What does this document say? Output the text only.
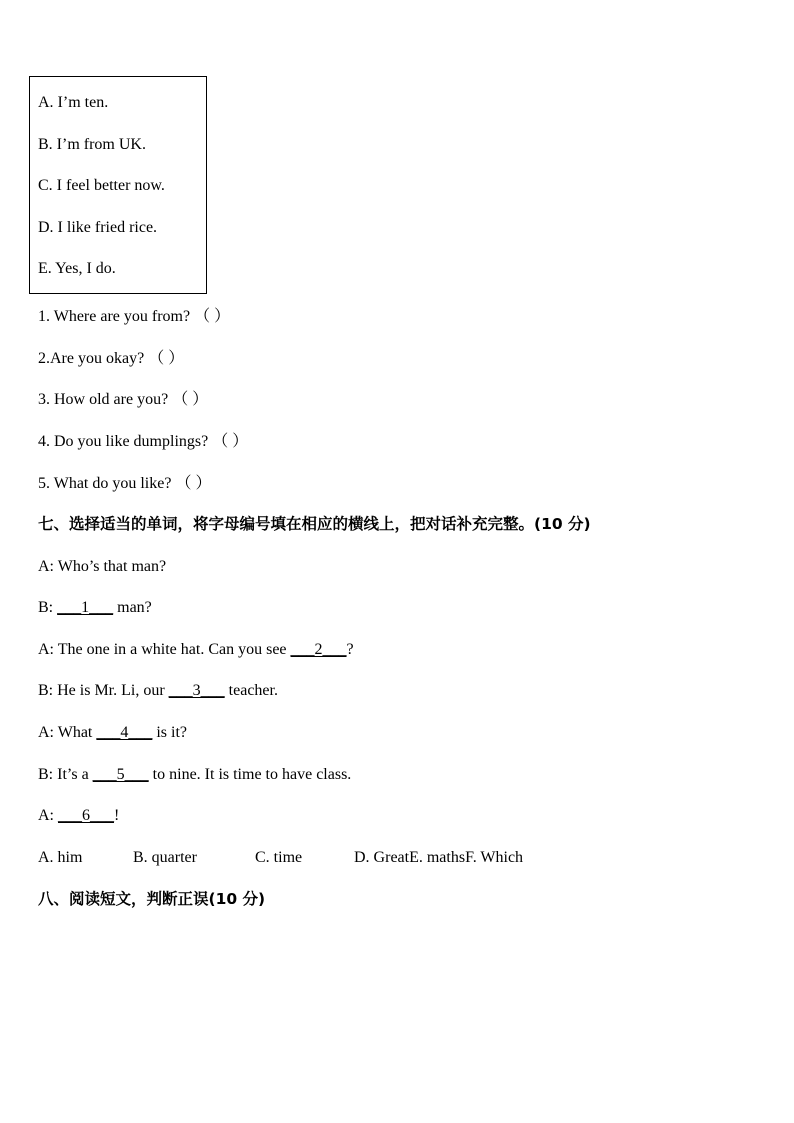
A. I’m ten.
B. I’m from UK.
C. I feel better now.
D. I like fried rice.
E. Yes, I do.
1. Where are you from? （ ）
2.Are you okay? （ ）
3. How old are you? （ ）
4. Do you like dumplings? （ ）
5. What do you like? （ ）
七、选择适当的单词，将字母编号填在相应的横线上，把对话补充完整。(10 分)
A: Who’s that man?
B: ___1___ man?
A: The one in a white hat. Can you see ___2___?
B: He is Mr. Li, our ___3___ teacher.
A: What ___4___ is it?
B: It’s a ___5___ to nine. It is time to have class.
A: ___6___!
A. him	B. quarter	C. time	D. GreatE. mathsF. Which
八、阅读短文，判断正误(10 分)
